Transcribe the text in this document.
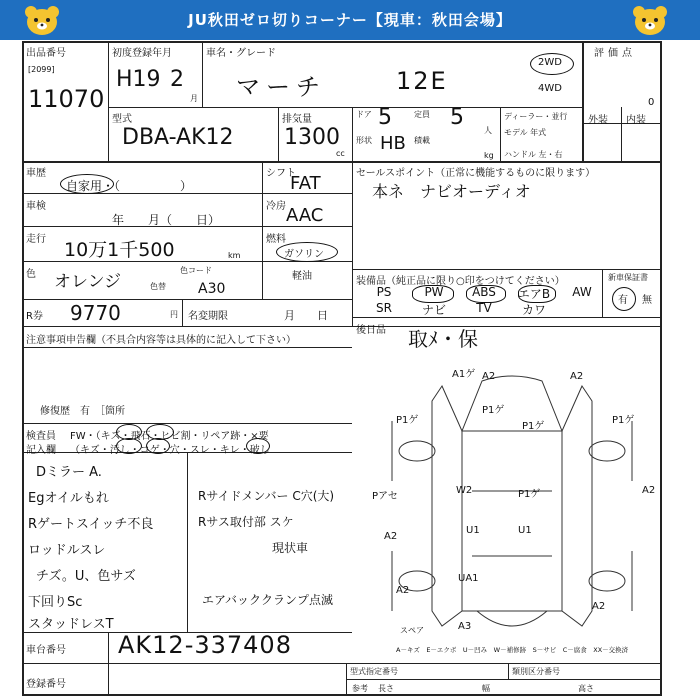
JU秋田ゼロ切りコーナー【現車：秋田会場】
出品番号
[2099]
11070
初度登録年月
H19 2
月
車名・グレード
マーチ	12E
2WD
4WD
評価点
0
型式
DBA-AK12
排気量
1300
cc
ドア 5	定員 5
人
形状 HB 積載
kg
ディーラー・並行
モデル 年式
ハンドル 左・右
外装 内装
車歴
自家用・（　　　　　）
車検
年　　月（　　日）
走行 10万1千500	km
色 オレンジ	色替
色コード
A30
シフト
FAT
冷房 AAC
燃料
ガソリン
軽油
R券 9770	円 名変期限	月　　日
セールスポイント（正常に機能するものに限ります）
本ネ　ナビオーディオ
装備品（純正品に限り○印をつけてください）
PS	PW	ABS	エアB	AW
SR	ナビ	TV	カワ
新車保証書
有 無
後日品 取ﾒ・保
注意事項申告欄（不具合内容等は具体的に記入して下さい）
修復歴　有　［箇所
検査員
記入欄
FW・（キズ・飛石・ヒビ割・リペア跡・×要
（キズ・汚し・コゲ・穴・スレ・キレ・破し
Dミラー A.
Egオイルもれ
Rゲートスイッチ不良
ロッドルスレ
チズ。U、色サズ
下回りSc
スタッドレスT
Rサイドメンバー C穴(大)
Rサス取付部 スケ
現状車
エアバッククランプ点滅
車台番号 AK12-337408
登録番号
型式指定番号	類別区分番号
参考 長さ	幅	高さ
A1ゲ A2	A2
P1ゲ
P1ゲ
P1ゲ
P1ゲ
Pアセ
W2	P1ゲ	A2
A2
U1	U1
UA1
A2
スペア	A3
A2
A－キズ　E－エクボ　U－凹み　W－補修跡　S－サビ　C－腐食　XX－交換済
